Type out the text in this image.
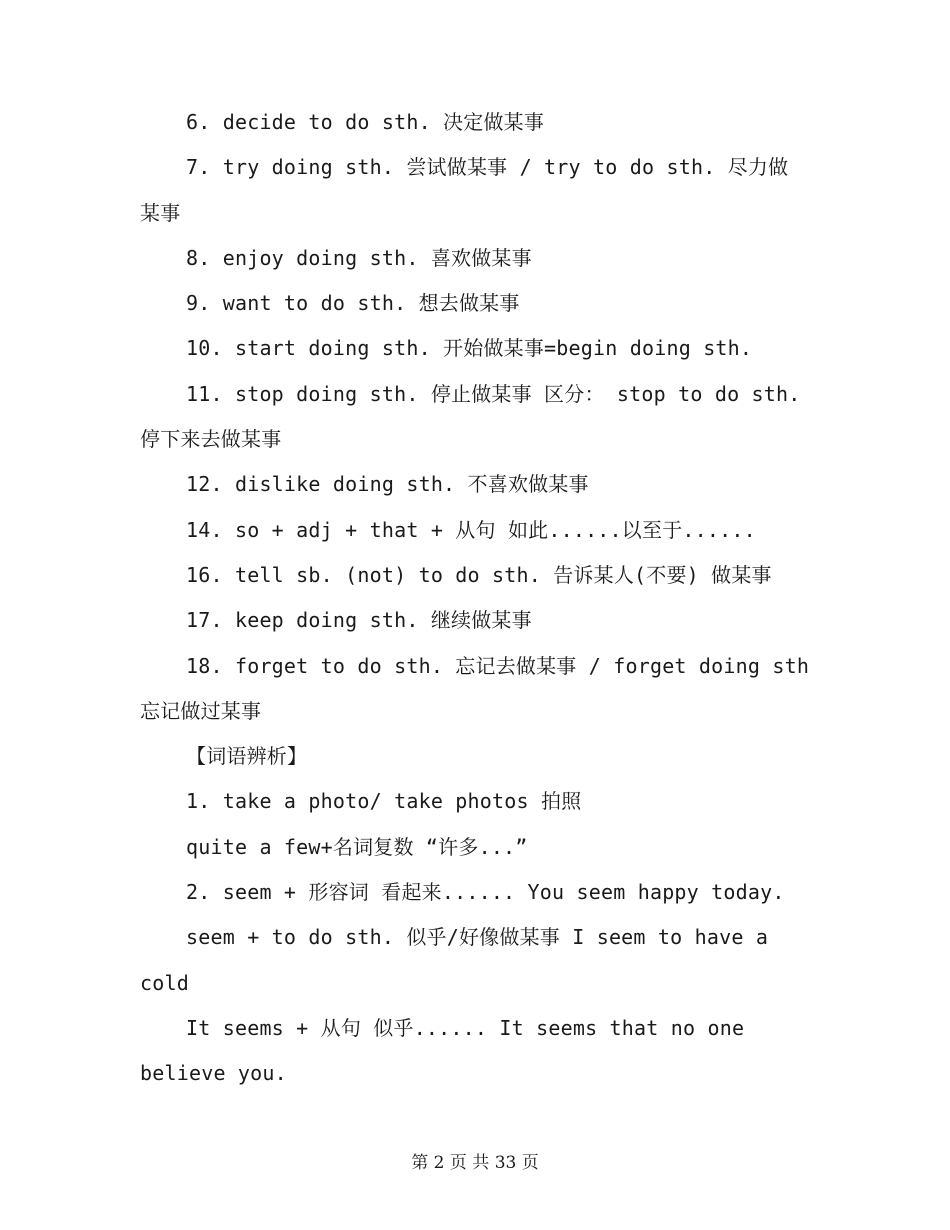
6. decide to do sth. 决定做某事
7. try doing sth. 尝试做某事 / try to do sth. 尽力做
某事
8. enjoy doing sth. 喜欢做某事
9. want to do sth. 想去做某事
10. start doing sth. 开始做某事=begin doing sth.
11. stop doing sth. 停止做某事 区分： stop to do sth.
停下来去做某事
12. dislike doing sth. 不喜欢做某事
14. so + adj + that + 从句 如此......以至于......
16. tell sb. (not) to do sth. 告诉某人(不要) 做某事
17. keep doing sth. 继续做某事
18. forget to do sth. 忘记去做某事 / forget doing sth
忘记做过某事
【词语辨析】
1. take a photo/ take photos 拍照
quite a few+名词复数 “许多...”
2. seem + 形容词 看起来...... You seem happy today.
seem + to do sth. 似乎/好像做某事 I seem to have a
cold
It seems + 从句 似乎...... It seems that no one
believe you.
第 2 页 共 33 页
